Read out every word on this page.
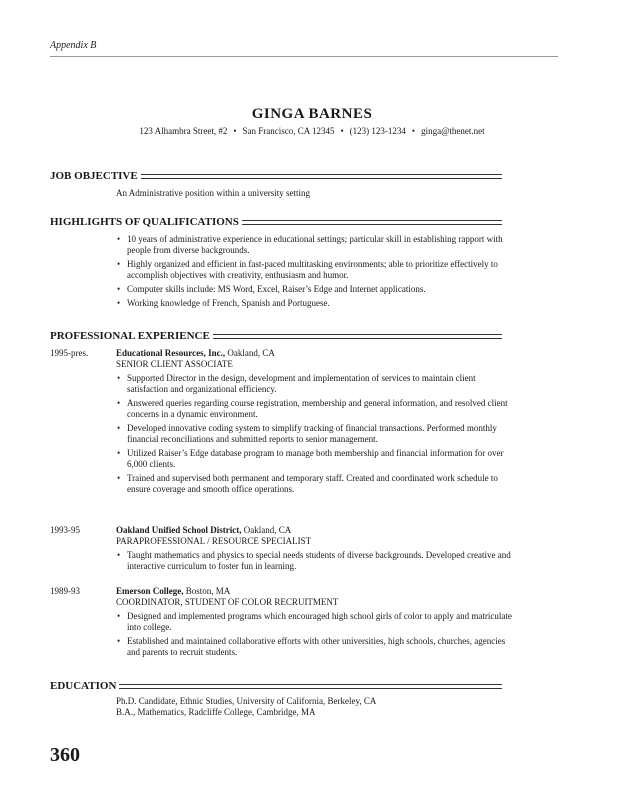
Appendix B
GINGA BARNES
123 Alhambra Street, #2 • San Francisco, CA 12345 • (123) 123-1234 • ginga@thenet.net
JOB OBJECTIVE
An Administrative position within a university setting
HIGHLIGHTS OF QUALIFICATIONS
• 10 years of administrative experience in educational settings; particular skill in establishing rapport with people from diverse backgrounds.
• Highly organized and efficient in fast-paced multitasking environments; able to prioritize effectively to accomplish objectives with creativity, enthusiasm and humor.
• Computer skills include: MS Word, Excel, Raiser’s Edge and Internet applications.
• Working knowledge of French, Spanish and Portuguese.
PROFESSIONAL EXPERIENCE
1995-pres.	Educational Resources, Inc., Oakland, CA
SENIOR CLIENT ASSOCIATE
• Supported Director in the design, development and implementation of services to maintain client satisfaction and organizational efficiency.
• Answered queries regarding course registration, membership and general information, and resolved client concerns in a dynamic environment.
• Developed innovative coding system to simplify tracking of financial transactions. Performed monthly financial reconciliations and submitted reports to senior management.
• Utilized Raiser’s Edge database program to manage both membership and financial information for over 6,000 clients.
• Trained and supervised both permanent and temporary staff. Created and coordinated work schedule to ensure coverage and smooth office operations.
1993-95	Oakland Unified School District, Oakland, CA
PARAPROFESSIONAL / RESOURCE SPECIALIST
• Taught mathematics and physics to special needs students of diverse backgrounds. Developed creative and interactive curriculum to foster fun in learning.
1989-93	Emerson College, Boston, MA
COORDINATOR, STUDENT OF COLOR RECRUITMENT
• Designed and implemented programs which encouraged high school girls of color to apply and matriculate into college.
• Established and maintained collaborative efforts with other universities, high schools, churches, agencies and parents to recruit students.
EDUCATION
Ph.D. Candidate, Ethnic Studies, University of California, Berkeley, CA
B.A., Mathematics, Radcliffe College, Cambridge, MA
360
